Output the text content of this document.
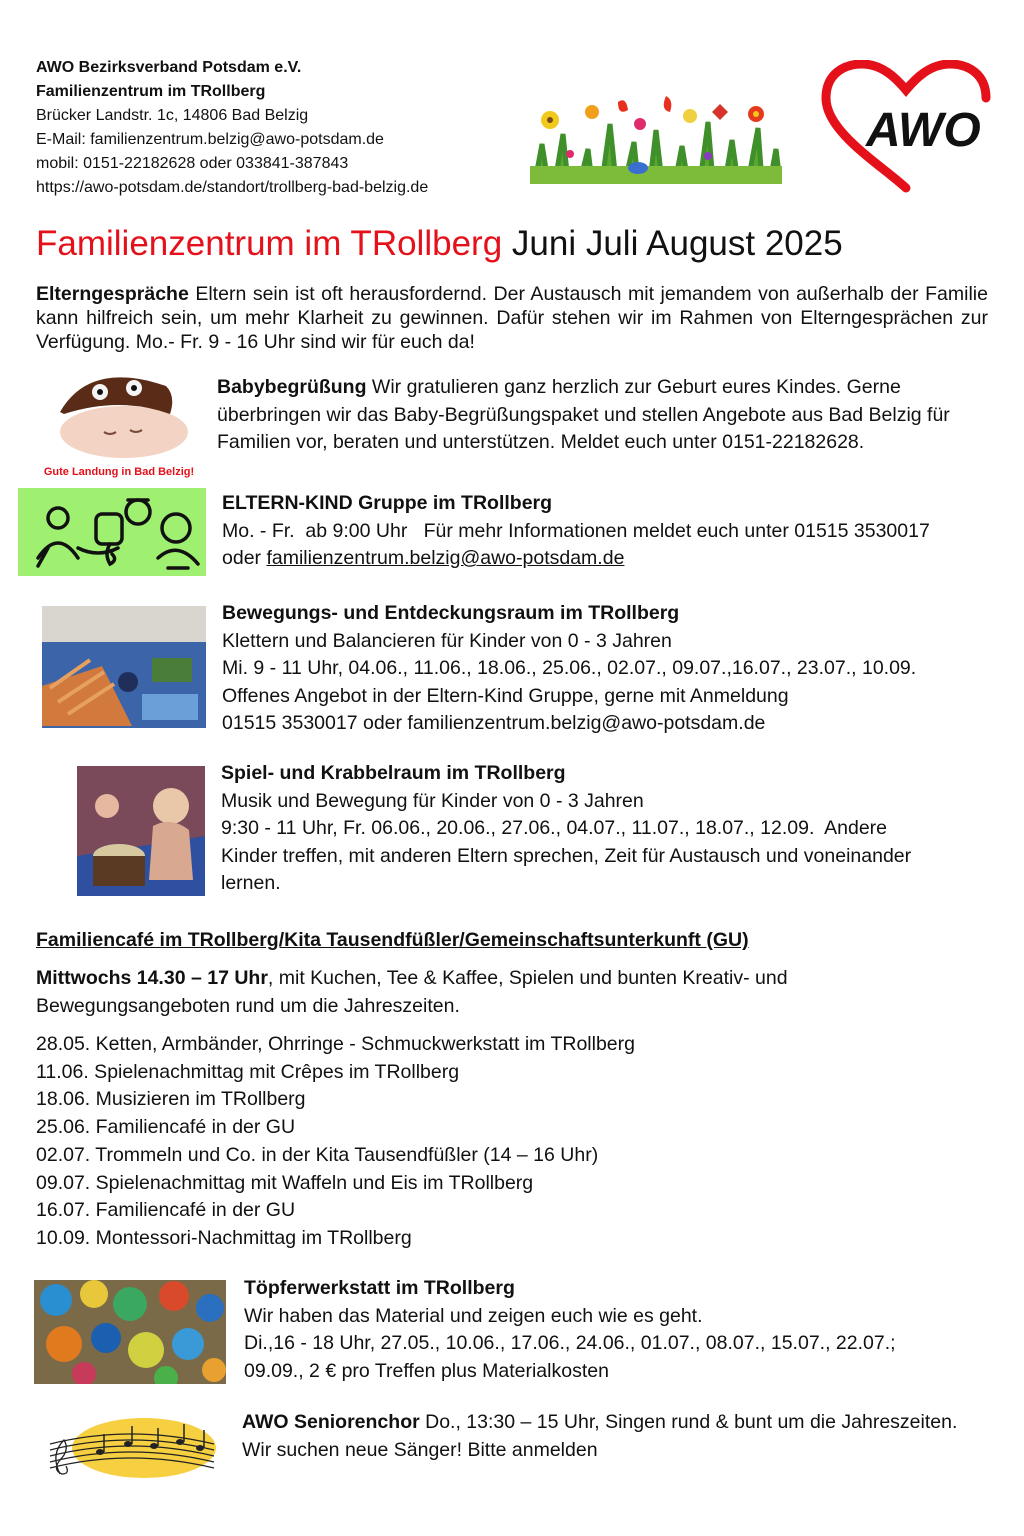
AWO Bezirksverband Potsdam e.V.
Familienzentrum im TRollberg
Brücker Landstr. 1c, 14806 Bad Belzig
E-Mail: familienzentrum.belzig@awo-potsdam.de
mobil: 0151-22182628 oder 033841-387843
https://awo-potsdam.de/standort/trollberg-bad-belzig.de
AWO
Familienzentrum im TRollberg Juni Juli August 2025
Elterngespräche Eltern sein ist oft herausfordernd. Der Austausch mit jemandem von außerhalb der Familie kann hilfreich sein, um mehr Klarheit zu gewinnen. Dafür stehen wir im Rahmen von Elterngesprächen zur Verfügung. Mo.- Fr. 9 - 16 Uhr sind wir für euch da!
Gute Landung in Bad Belzig!
Babybegrüßung Wir gratulieren ganz herzlich zur Geburt eures Kindes. Gerne überbringen wir das Baby-Begrüßungspaket und stellen Angebote aus Bad Belzig für Familien vor, beraten und unterstützen. Meldet euch unter 0151-22182628.
ELTERN-KIND Gruppe im TRollberg
Mo. - Fr.  ab 9:00 Uhr   Für mehr Informationen meldet euch unter 01515 3530017
oder familienzentrum.belzig@awo-potsdam.de
Bewegungs- und Entdeckungsraum im TRollberg
Klettern und Balancieren für Kinder von 0 - 3 Jahren
Mi. 9 - 11 Uhr, 04.06., 11.06., 18.06., 25.06., 02.07., 09.07.,16.07., 23.07., 10.09.
Offenes Angebot in der Eltern-Kind Gruppe, gerne mit Anmeldung
01515 3530017 oder familienzentrum.belzig@awo-potsdam.de
Spiel- und Krabbelraum im TRollberg
Musik und Bewegung für Kinder von 0 - 3 Jahren
9:30 - 11 Uhr, Fr. 06.06., 20.06., 27.06., 04.07., 11.07., 18.07., 12.09.  Andere
Kinder treffen, mit anderen Eltern sprechen, Zeit für Austausch und voneinander
lernen.
Familiencafé im TRollberg/Kita Tausendfüßler/Gemeinschaftsunterkunft (GU)
Mittwochs 14.30 – 17 Uhr, mit Kuchen, Tee & Kaffee, Spielen und bunten Kreativ- und Bewegungsangeboten rund um die Jahreszeiten.
28.05. Ketten, Armbänder, Ohrringe - Schmuckwerkstatt im TRollberg
11.06. Spielenachmittag mit Crêpes im TRollberg
18.06. Musizieren im TRollberg
25.06. Familiencafé in der GU
02.07. Trommeln und Co. in der Kita Tausendfüßler (14 – 16 Uhr)
09.07. Spielenachmittag mit Waffeln und Eis im TRollberg
16.07. Familiencafé in der GU
10.09. Montessori-Nachmittag im TRollberg
Töpferwerkstatt im TRollberg
Wir haben das Material und zeigen euch wie es geht.
Di.,16 - 18 Uhr, 27.05., 10.06., 17.06., 24.06., 01.07., 08.07., 15.07., 22.07.;
09.09., 2 € pro Treffen plus Materialkosten
AWO Seniorenchor Do., 13:30 – 15 Uhr, Singen rund & bunt um die Jahreszeiten. Wir suchen neue Sänger! Bitte anmelden
